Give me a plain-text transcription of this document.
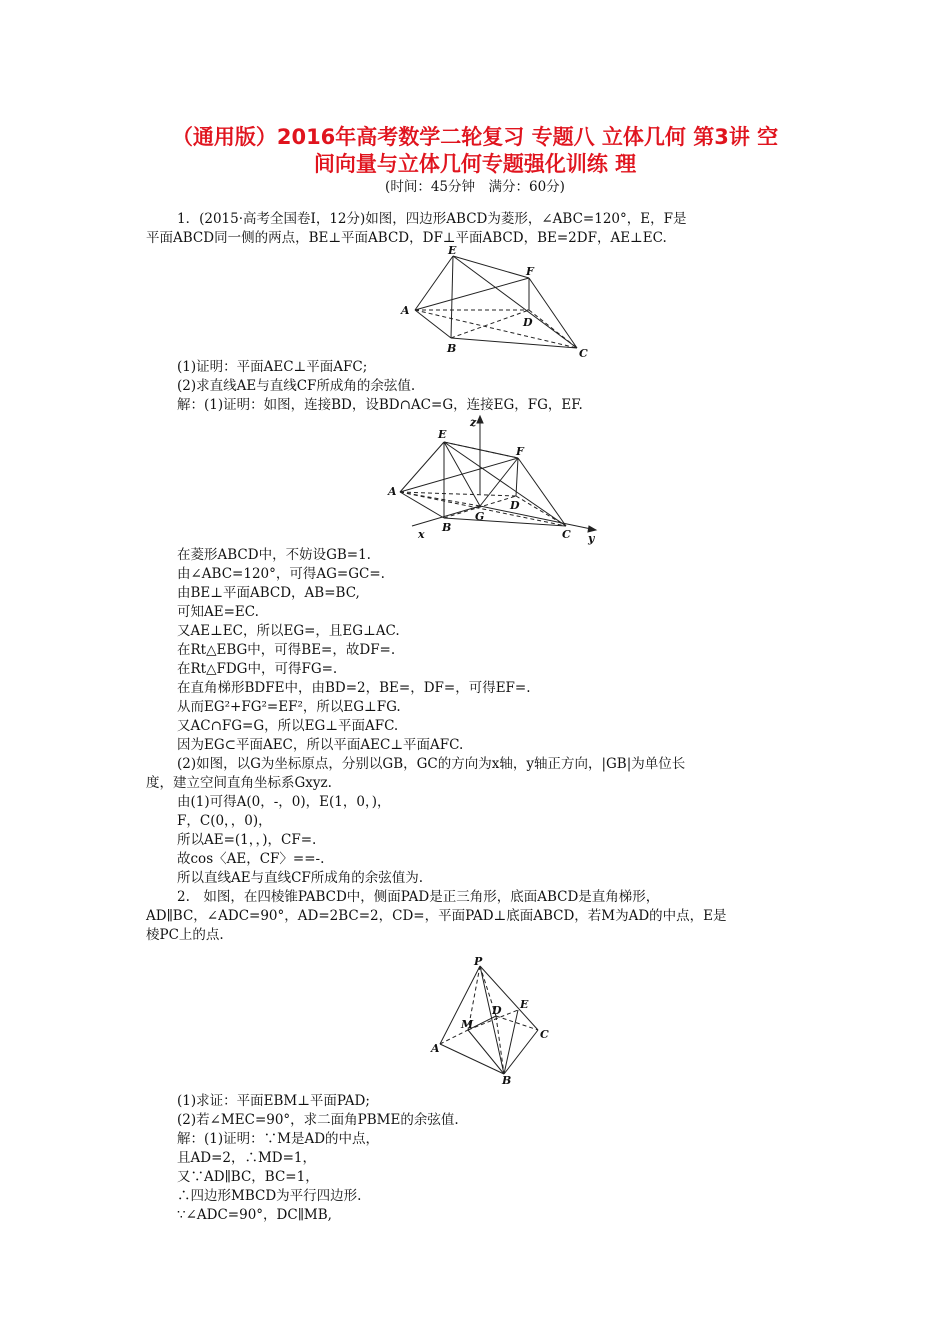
（通用版）2016年高考数学二轮复习 专题八 立体几何 第3讲 空
间向量与立体几何专题强化训练 理
(时间：45分钟　满分：60分)
1．(2015·高考全国卷Ⅰ，12分)如图，四边形ABCD为菱形，∠ABC=120°，E，F是
平面ABCD同一侧的两点，BE⊥平面ABCD，DF⊥平面ABCD，BE=2DF，AE⊥EC.
E
F
A
D
B	C
(1)证明：平面AEC⊥平面AFC;
(2)求直线AE与直线CF所成角的余弦值.
解：(1)证明：如图，连接BD，设BD∩AC=G，连接EG，FG，EF.
z
E
F
A
G
D
B
C
x	y
在菱形ABCD中，不妨设GB=1.
由∠ABC=120°，可得AG=GC=.
由BE⊥平面ABCD，AB=BC,
可知AE=EC.
又AE⊥EC，所以EG=，且EG⊥AC.
在Rt△EBG中，可得BE=，故DF=.
在Rt△FDG中，可得FG=.
在直角梯形BDFE中，由BD=2，BE=，DF=，可得EF=.
从而EG²+FG²=EF²，所以EG⊥FG.
又AC∩FG=G，所以EG⊥平面AFC.
因为EG⊂平面AEC，所以平面AEC⊥平面AFC.
(2)如图，以G为坐标原点，分别以GB，GC的方向为x轴，y轴正方向，|GB|为单位长
度，建立空间直角坐标系Gxyz.
由(1)可得A(0，-，0)，E(1，0，)，
F，C(0，，0)，
所以AE=(1，，)，CF=.
故cos〈AE，CF〉==-.
所以直线AE与直线CF所成角的余弦值为.
2.　如图，在四棱锥PABCD中，侧面PAD是正三角形，底面ABCD是直角梯形，
AD∥BC，∠ADC=90°，AD=2BC=2，CD=，平面PAD⊥底面ABCD，若M为AD的中点，E是
棱PC上的点.
P
E
D
M
C
A
B
(1)求证：平面EBM⊥平面PAD;
(2)若∠MEC=90°，求二面角PBME的余弦值.
解：(1)证明：∵M是AD的中点，
且AD=2，∴MD=1，
又∵AD∥BC，BC=1，
∴四边形MBCD为平行四边形.
∵∠ADC=90°，DC∥MB,
